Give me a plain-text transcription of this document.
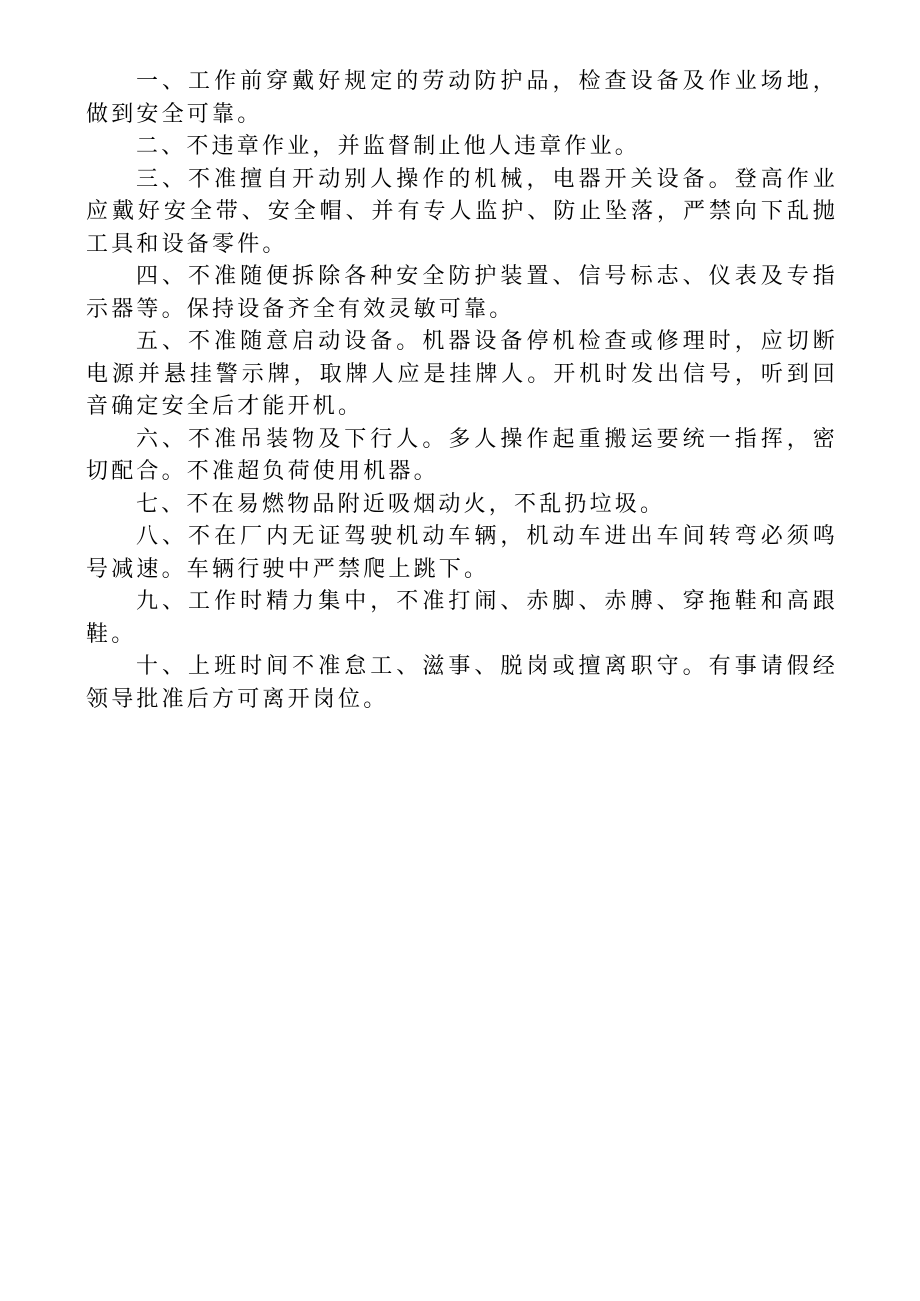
一、工作前穿戴好规定的劳动防护品，检查设备及作业场地，做到安全可靠。

二、不违章作业，并监督制止他人违章作业。

三、不准擅自开动别人操作的机械，电器开关设备。登高作业应戴好安全带、安全帽、并有专人监护、防止坠落，严禁向下乱抛工具和设备零件。

四、不准随便拆除各种安全防护装置、信号标志、仪表及专指示器等。保持设备齐全有效灵敏可靠。

五、不准随意启动设备。机器设备停机检查或修理时，应切断电源并悬挂警示牌，取牌人应是挂牌人。开机时发出信号，听到回音确定安全后才能开机。

六、不准吊装物及下行人。多人操作起重搬运要统一指挥，密切配合。不准超负荷使用机器。

七、不在易燃物品附近吸烟动火，不乱扔垃圾。

八、不在厂内无证驾驶机动车辆，机动车进出车间转弯必须鸣号减速。车辆行驶中严禁爬上跳下。

九、工作时精力集中，不准打闹、赤脚、赤膊、穿拖鞋和高跟鞋。

十、上班时间不准怠工、滋事、脱岗或擅离职守。有事请假经领导批准后方可离开岗位。
